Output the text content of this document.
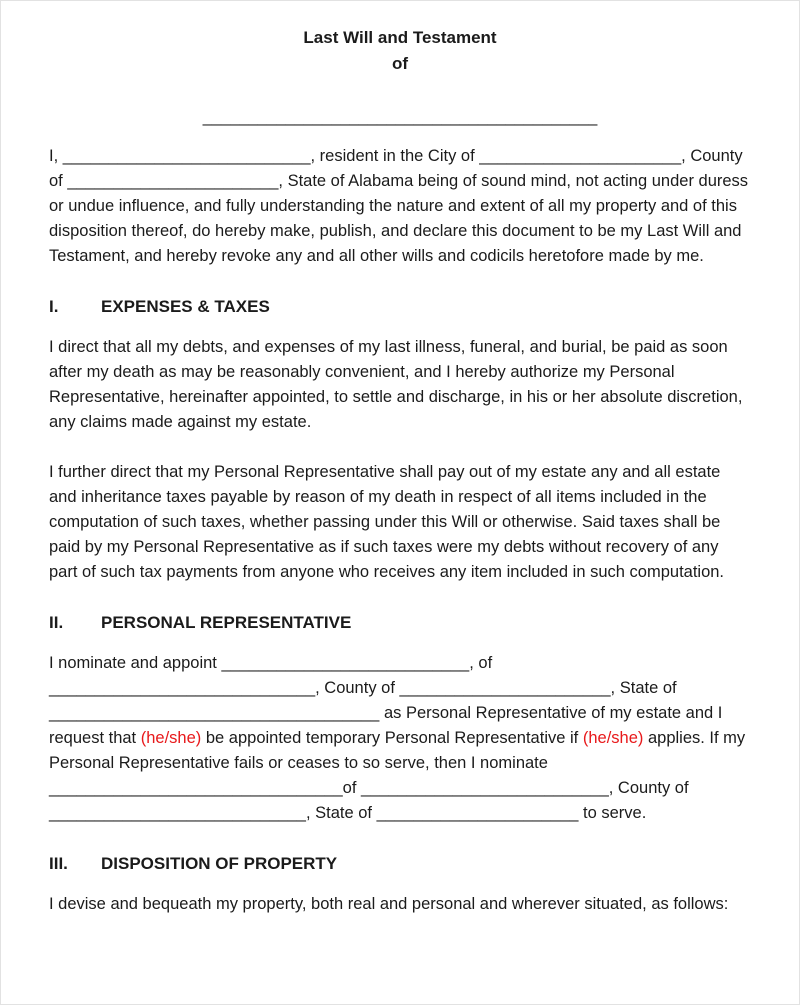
Last Will and Testament
of
___________________________________________

I, ___________________________, resident in the City of ______________________, County of _______________________, State of Alabama being of sound mind, not acting under duress or undue influence, and fully understanding the nature and extent of all my property and of this disposition thereof, do hereby make, publish, and declare this document to be my Last Will and Testament, and hereby revoke any and all other wills and codicils heretofore made by me.

I.	EXPENSES & TAXES

I direct that all my debts, and expenses of my last illness, funeral, and burial, be paid as soon after my death as may be reasonably convenient, and I hereby authorize my Personal Representative, hereinafter appointed, to settle and discharge, in his or her absolute discretion, any claims made against my estate.

I further direct that my Personal Representative shall pay out of my estate any and all estate and inheritance taxes payable by reason of my death in respect of all items included in the computation of such taxes, whether passing under this Will or otherwise. Said taxes shall be paid by my Personal Representative as if such taxes were my debts without recovery of any part of such tax payments from anyone who receives any item included in such computation.

II.	PERSONAL REPRESENTATIVE

I nominate and appoint ___________________________, of _____________________________, County of _______________________, State of ____________________________________ as Personal Representative of my estate and I request that (he/she) be appointed temporary Personal Representative if (he/she) applies. If my Personal Representative fails or ceases to so serve, then I nominate ________________________________of ___________________________, County of ____________________________, State of ______________________ to serve.

III.	DISPOSITION OF PROPERTY

I devise and bequeath my property, both real and personal and wherever situated, as follows:
